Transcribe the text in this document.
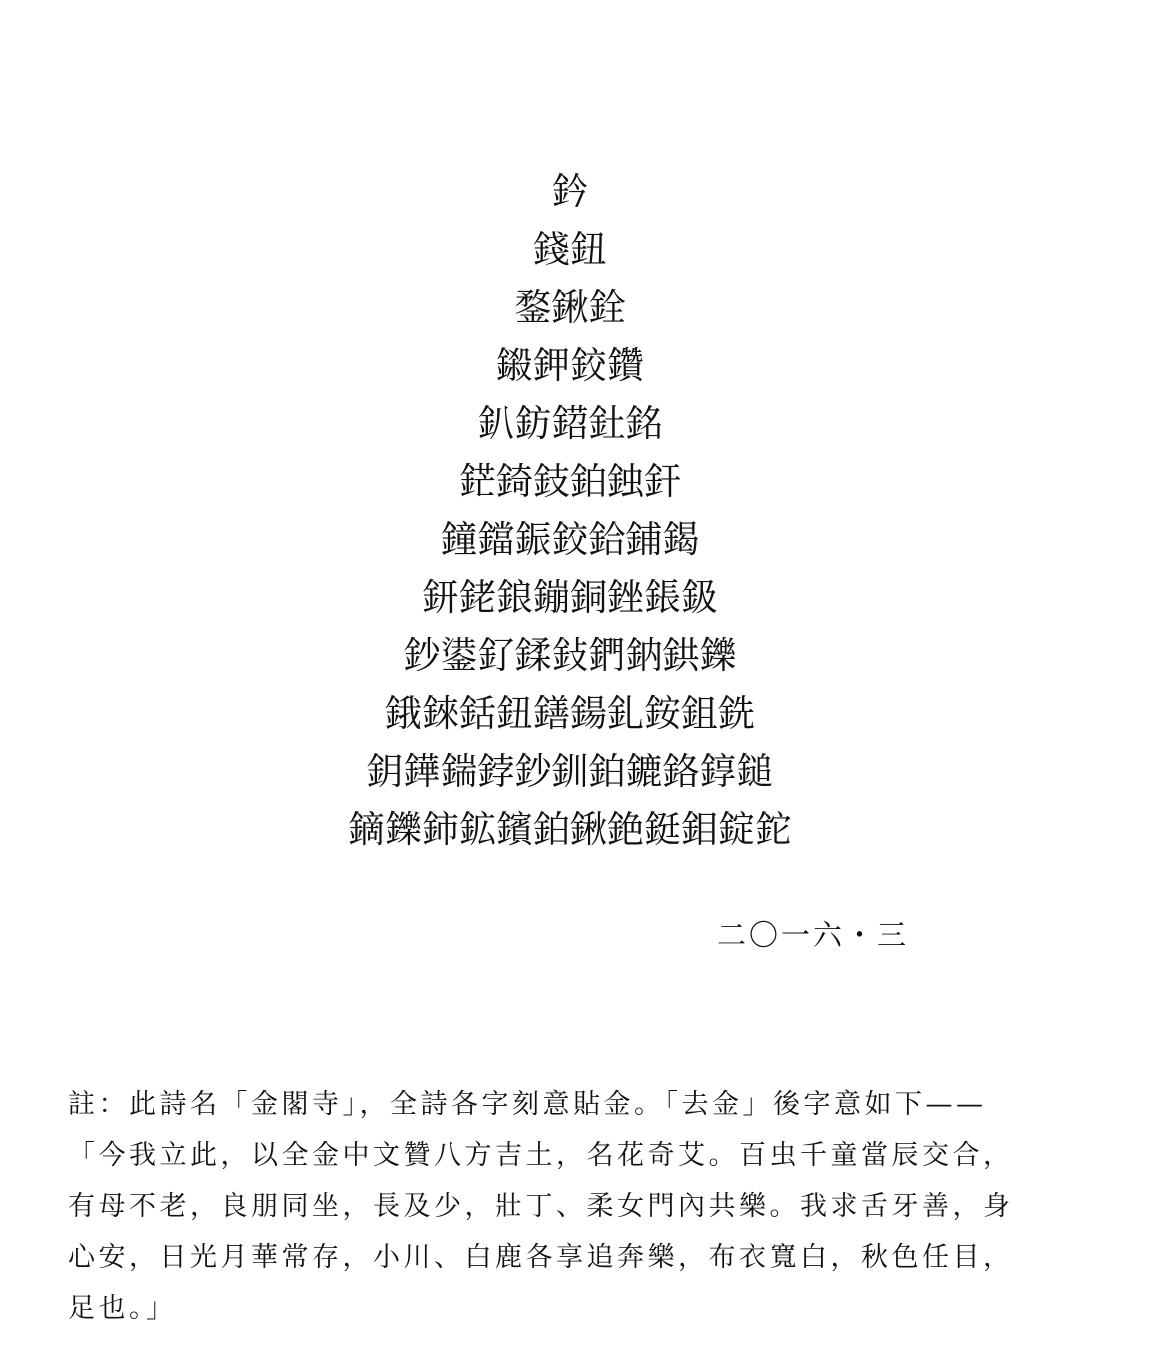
鈐
錢鈕
鍪鍬銓
鎩鉀鉸鑽
釟鈁鍣釷銘
鋩錡鈘鉑鉵釬
鐘鐺鋠鉸鉿鋪鍻
鈃銠鋃鏰銅銼鋹鈒
鈔鍙釕鍒鈙鍆鈉鉷鑠
鋨錸銛鈕鐥鍚釓銨鉏銑
鈅鏵鍴鋍鈔釧鉑鏕鉻錞鎚
鏑鑠鈰鉱鑌鉑鍬銫鋌鉬錠鉈
二〇一六・三
註：此詩名「金閣寺」，全詩各字刻意貼金。「去金」後字意如下——
「今我立此，以全金中文贊八方吉土，名花奇艾。百虫千童當辰交合，
有母不老，良朋同坐，長及少，壯丁、柔女門內共樂。我求舌牙善，身
心安，日光月華常存，小川、白鹿各享追奔樂，布衣寬白，秋色任目，
足也。」
